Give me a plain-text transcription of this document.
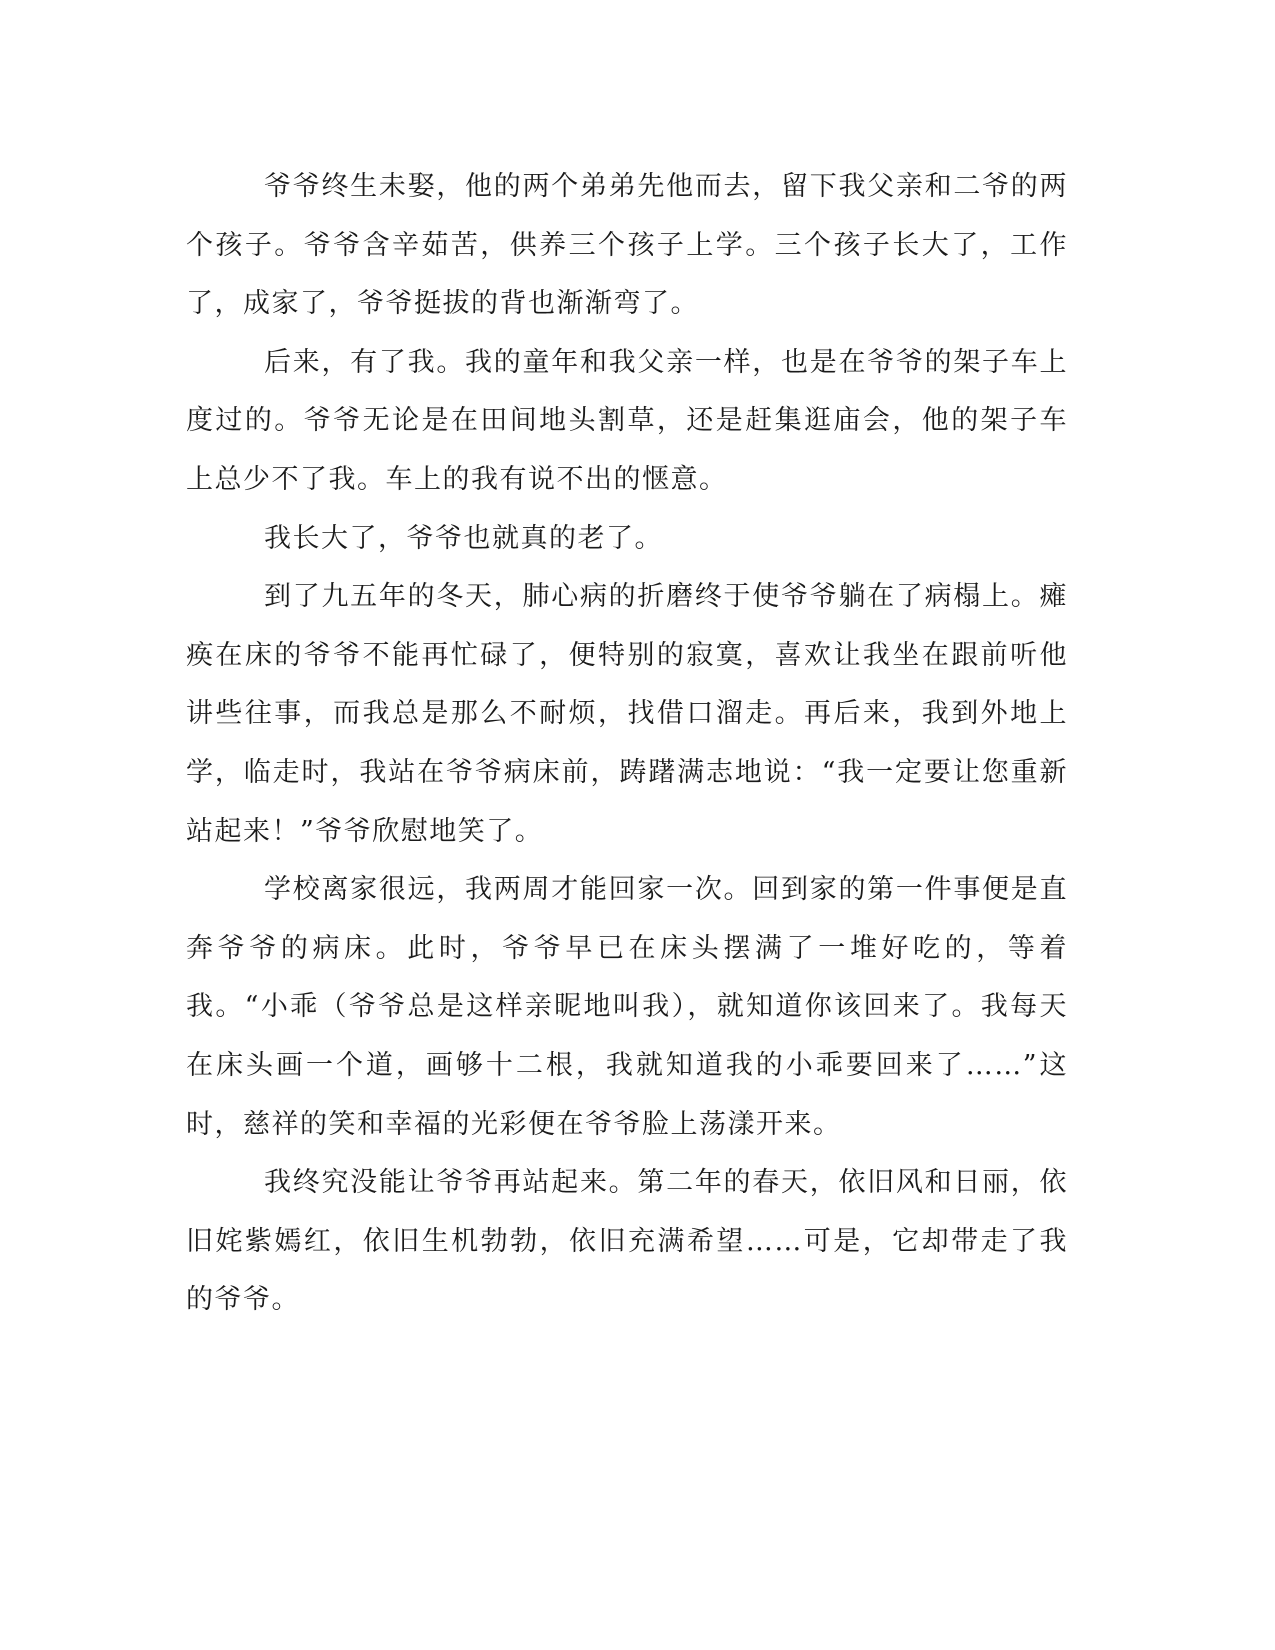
爷爷终生未娶，他的两个弟弟先他而去，留下我父亲和二爷的两个孩子。爷爷含辛茹苦，供养三个孩子上学。三个孩子长大了，工作了，成家了，爷爷挺拔的背也渐渐弯了。

后来，有了我。我的童年和我父亲一样，也是在爷爷的架子车上度过的。爷爷无论是在田间地头割草，还是赶集逛庙会，他的架子车上总少不了我。车上的我有说不出的惬意。

我长大了，爷爷也就真的老了。

到了九五年的冬天，肺心病的折磨终于使爷爷躺在了病榻上。瘫痪在床的爷爷不能再忙碌了，便特别的寂寞，喜欢让我坐在跟前听他讲些往事，而我总是那么不耐烦，找借口溜走。再后来，我到外地上学，临走时，我站在爷爷病床前，踌躇满志地说：“我一定要让您重新站起来！”爷爷欣慰地笑了。

学校离家很远，我两周才能回家一次。回到家的第一件事便是直奔爷爷的病床。此时，爷爷早已在床头摆满了一堆好吃的，等着我。“小乖（爷爷总是这样亲昵地叫我），就知道你该回来了。我每天在床头画一个道，画够十二根，我就知道我的小乖要回来了……”这时，慈祥的笑和幸福的光彩便在爷爷脸上荡漾开来。

我终究没能让爷爷再站起来。第二年的春天，依旧风和日丽，依旧姹紫嫣红，依旧生机勃勃，依旧充满希望……可是，它却带走了我的爷爷。
